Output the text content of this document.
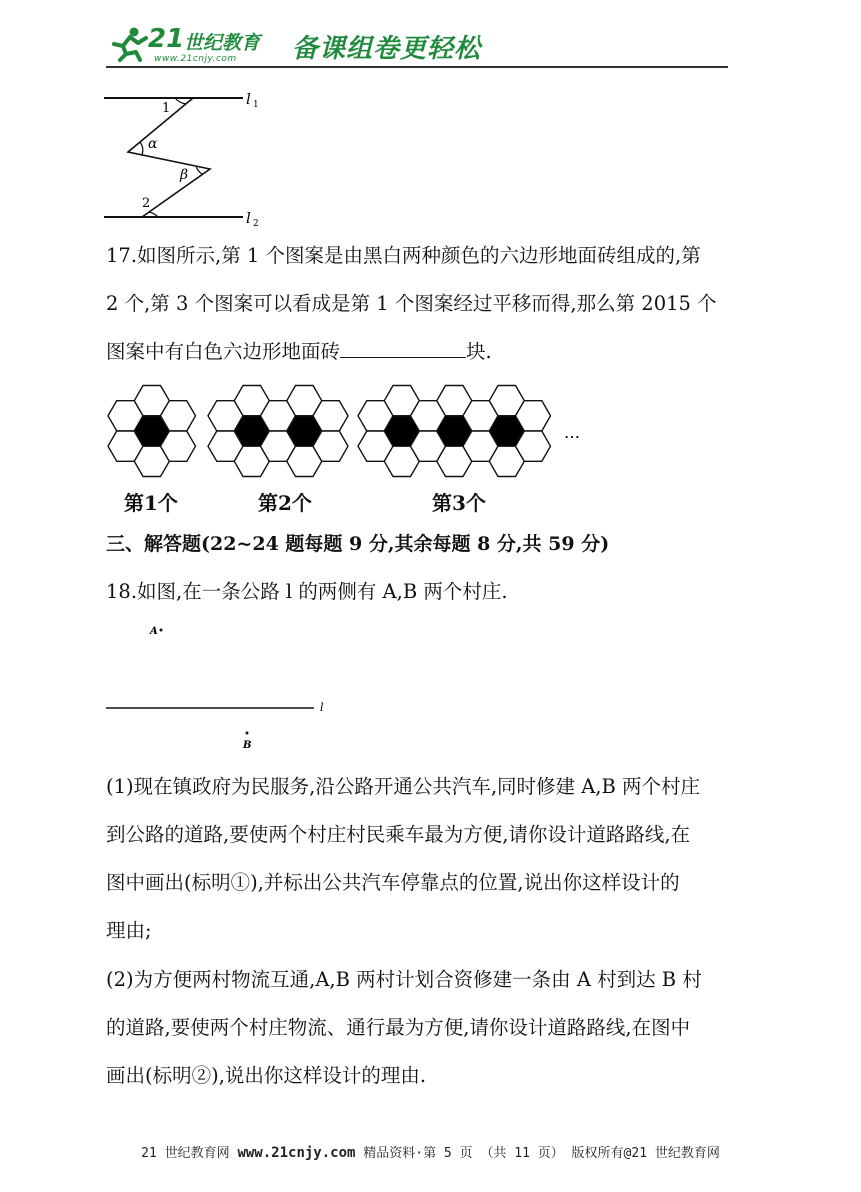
21 世纪教育
www.21cnjy.com 备课组卷更轻松
l 1
l 2
1
α
β
2
17.如图所示,第 1 个图案是由黑白两种颜色的六边形地面砖组成的,第
2 个,第 3 个图案可以看成是第 1 个图案经过平移而得,那么第 2015 个
图案中有白色六边形地面砖	块.
…
第1个	第2个	第3个
三、解答题(22~24 题每题 9 分,其余每题 8 分,共 59 分)
18.如图,在一条公路 l 的两侧有 A,B 两个村庄.
A
l
B
(1)现在镇政府为民服务,沿公路开通公共汽车,同时修建 A,B 两个村庄
到公路的道路,要使两个村庄村民乘车最为方便,请你设计道路路线,在
图中画出(标明①),并标出公共汽车停靠点的位置,说出你这样设计的
理由;
(2)为方便两村物流互通,A,B 两村计划合资修建一条由 A 村到达 B 村
的道路,要使两个村庄物流、通行最为方便,请你设计道路路线,在图中
画出(标明②),说出你这样设计的理由.
21 世纪教育网 www.21cnjy.com 精品资料·第 5 页 （共 11 页） 版权所有@21 世纪教育网
